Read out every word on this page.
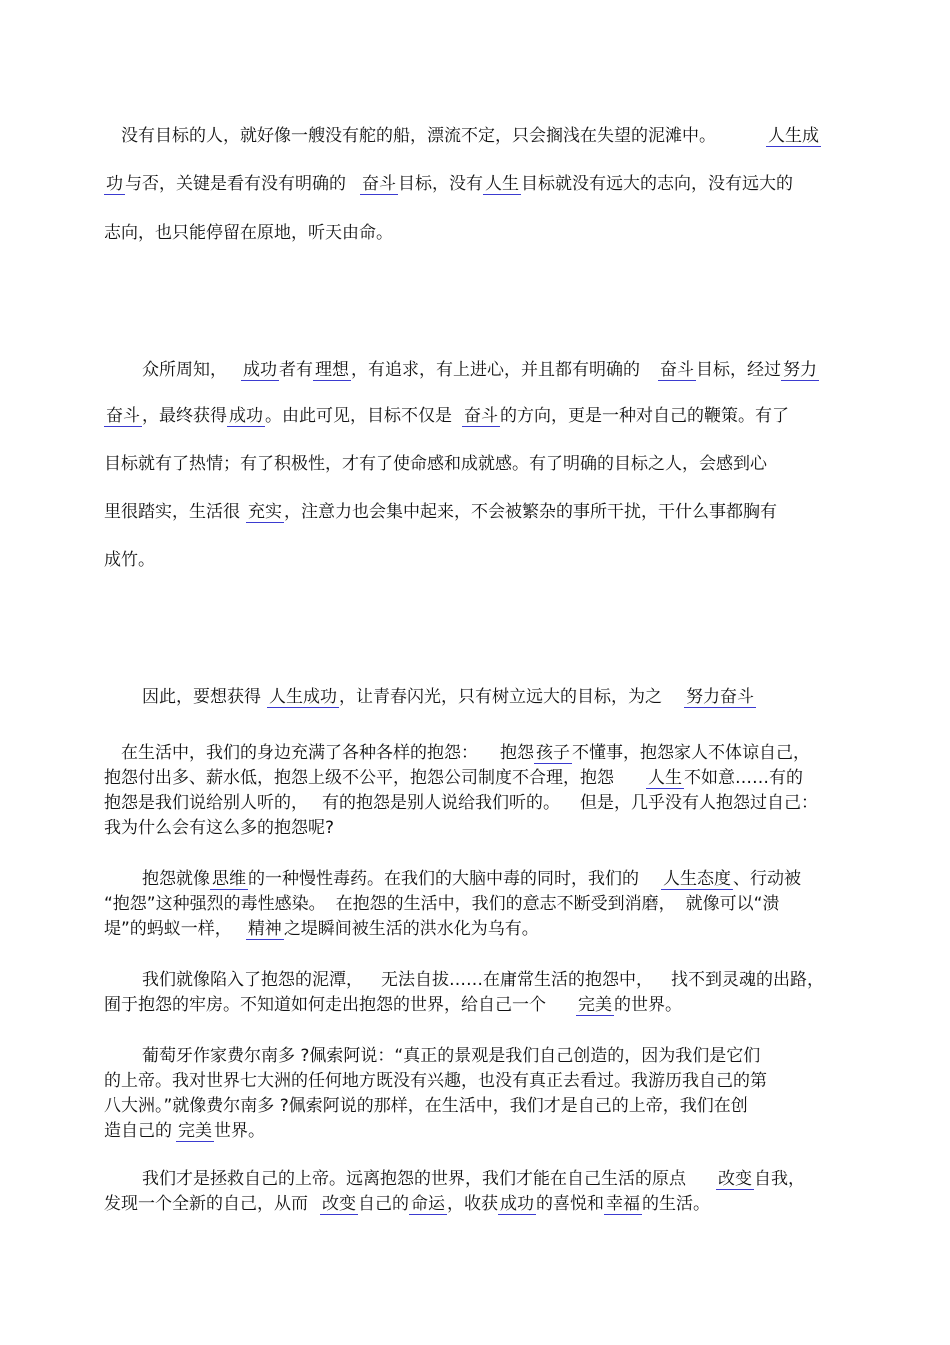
没有目标的人，就好像一艘没有舵的船，漂流不定，只会搁浅在失望的泥滩中。	人生成

功 与否，关键是看有没有明确的 奋斗 目标，没有 人生 目标就没有远大的志向，没有远大的

志向，也只能停留在原地，听天由命。

众所周知， 成功 者有 理想 ，有追求，有上进心，并且都有明确的 奋斗 目标，经过 努力

奋斗 ，最终获得 成功 。由此可见，目标不仅是 奋斗 的方向，更是一种对自己的鞭策。有了

目标就有了热情；有了积极性，才有了使命感和成就感。有了明确的目标之人，会感到心

里很踏实，生活很 充实 ，注意力也会集中起来，不会被繁杂的事所干扰，干什么事都胸有

成竹。

因此，要想获得 人生成功 ，让青春闪光，只有树立远大的目标，为之 努力奋斗

在生活中，我们的身边充满了各种各样的抱怨： 抱怨 孩子 不懂事，抱怨家人不体谅自己，

抱怨付出多、薪水低，抱怨上级不公平，抱怨公司制度不合理，抱怨 人生 不如意……有的

抱怨是我们说给别人听的， 有的抱怨是别人说给我们听的。 但是，几乎没有人抱怨过自己：

我为什么会有这么多的抱怨呢?

抱怨就像 思维 的一种慢性毒药。在我们的大脑中毒的同时，我们的 人生态度 、行动被

“抱怨”这种强烈的毒性感染。 在抱怨的生活中，我们的意志不断受到消磨， 就像可以“溃

堤”的蚂蚁一样， 精神 之堤瞬间被生活的洪水化为乌有。

我们就像陷入了抱怨的泥潭， 无法自拔……在庸常生活的抱怨中， 找不到灵魂的出路，

囿于抱怨的牢房。不知道如何走出抱怨的世界，给自己一个 完美 的世界。

葡萄牙作家费尔南多 ?佩索阿说：“真正的景观是我们自己创造的，因为我们是它们

的上帝。我对世界七大洲的任何地方既没有兴趣，也没有真正去看过。我游历我自己的第

八大洲。”就像费尔南多 ?佩索阿说的那样，在生活中，我们才是自己的上帝，我们在创

造自己的 完美 世界。

我们才是拯救自己的上帝。远离抱怨的世界，我们才能在自己生活的原点 改变 自我，

发现一个全新的自己，从而 改变 自己的 命运 ，收获 成功 的喜悦和 幸福 的生活。
